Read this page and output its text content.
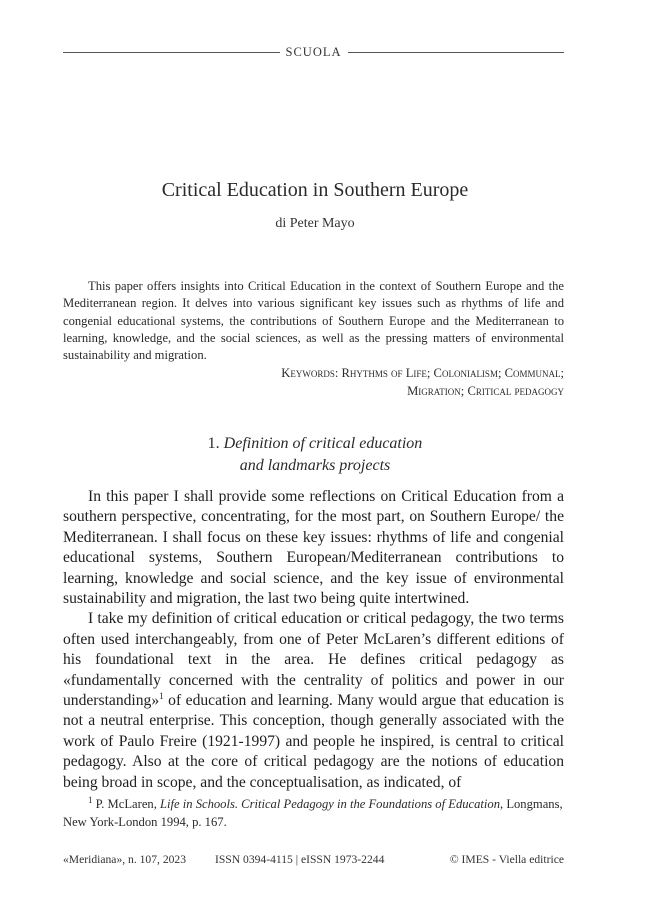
SCUOLA
Critical Education in Southern Europe
di Peter Mayo

This paper offers insights into Critical Education in the context of Southern Europe and the Mediterranean region. It delves into various significant key issues such as rhythms of life and congenial educational systems, the contributions of Southern Europe and the Mediterranean to learning, knowledge, and the social sciences, as well as the pressing matters of environmental sustainability and migration.

Keywords: Rhythms of Life; Colonialism; Communal;
Migration; Critical pedagogy
1. Definition of critical education
and landmarks projects

In this paper I shall provide some reflections on Critical Education from a southern perspective, concentrating, for the most part, on Southern Europe/ the Mediterranean. I shall focus on these key issues: rhythms of life and congenial educational systems, Southern European/Mediterranean contributions to learning, knowledge and social science, and the key issue of environmental sustainability and migration, the last two being quite intertwined.

I take my definition of critical education or critical pedagogy, the two terms often used interchangeably, from one of Peter McLaren’s different editions of his foundational text in the area. He defines critical pedagogy as «fundamentally concerned with the centrality of politics and power in our understanding»$^1$ of education and learning. Many would argue that education is not a neutral enterprise. This conception, though generally associated with the work of Paulo Freire (1921-1997) and people he inspired, is central to critical pedagogy. Also at the core of critical pedagogy are the notions of education being broad in scope, and the conceptualisation, as indicated, of

$^1$ P. McLaren, Life in Schools. Critical Pedagogy in the Foundations of Education, Longmans, New York-London 1994, p. 167.
«Meridiana», n. 107, 2023 ISSN 0394-4115 | eISSN 1973-2244	© IMES - Viella editrice
